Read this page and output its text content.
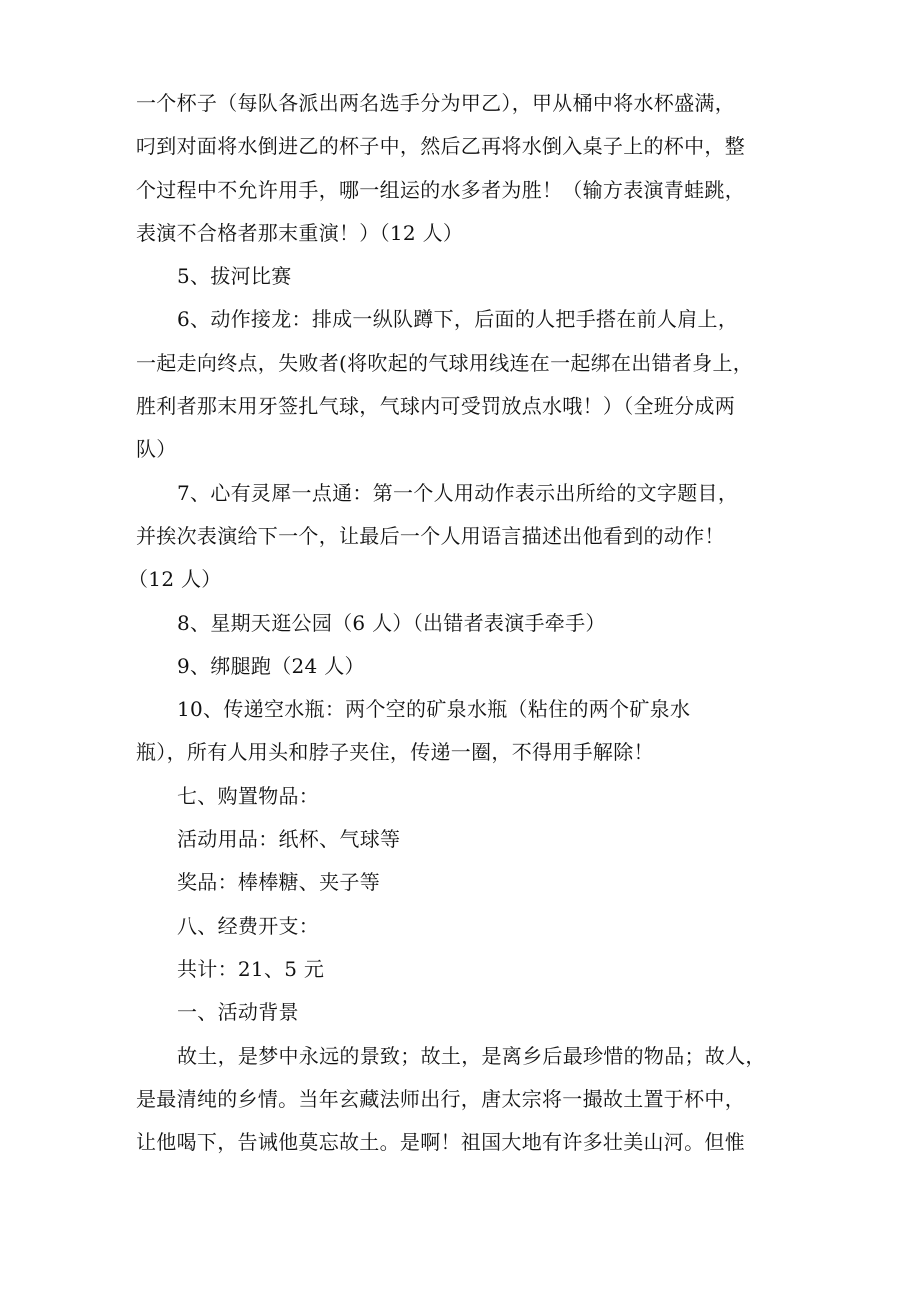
一个杯子（每队各派出两名选手分为甲乙），甲从桶中将水杯盛满，
叼到对面将水倒进乙的杯子中，然后乙再将水倒入桌子上的杯中，整
个过程中不允许用手，哪一组运的水多者为胜！（输方表演青蛙跳，
表演不合格者那末重演！）（12 人）
5、拔河比赛
6、动作接龙：排成一纵队蹲下，后面的人把手搭在前人肩上，
一起走向终点，失败者(将吹起的气球用线连在一起绑在出错者身上，
胜利者那末用牙签扎气球，气球内可受罚放点水哦！）（全班分成两
队）
7、心有灵犀一点通：第一个人用动作表示出所给的文字题目，
并挨次表演给下一个，让最后一个人用语言描述出他看到的动作！
（12 人）
8、星期天逛公园（6 人）（出错者表演手牵手）
9、绑腿跑（24 人）
10、传递空水瓶：两个空的矿泉水瓶（粘住的两个矿泉水
瓶），所有人用头和脖子夹住，传递一圈，不得用手解除！
七、购置物品：
活动用品：纸杯、气球等
奖品：棒棒糖、夹子等
八、经费开支：
共计：21、5 元
一、活动背景
故土，是梦中永远的景致；故土，是离乡后最珍惜的物品；故人，
是最清纯的乡情。当年玄藏法师出行，唐太宗将一撮故土置于杯中，
让他喝下，告诫他莫忘故土。是啊！祖国大地有许多壮美山河。但惟
